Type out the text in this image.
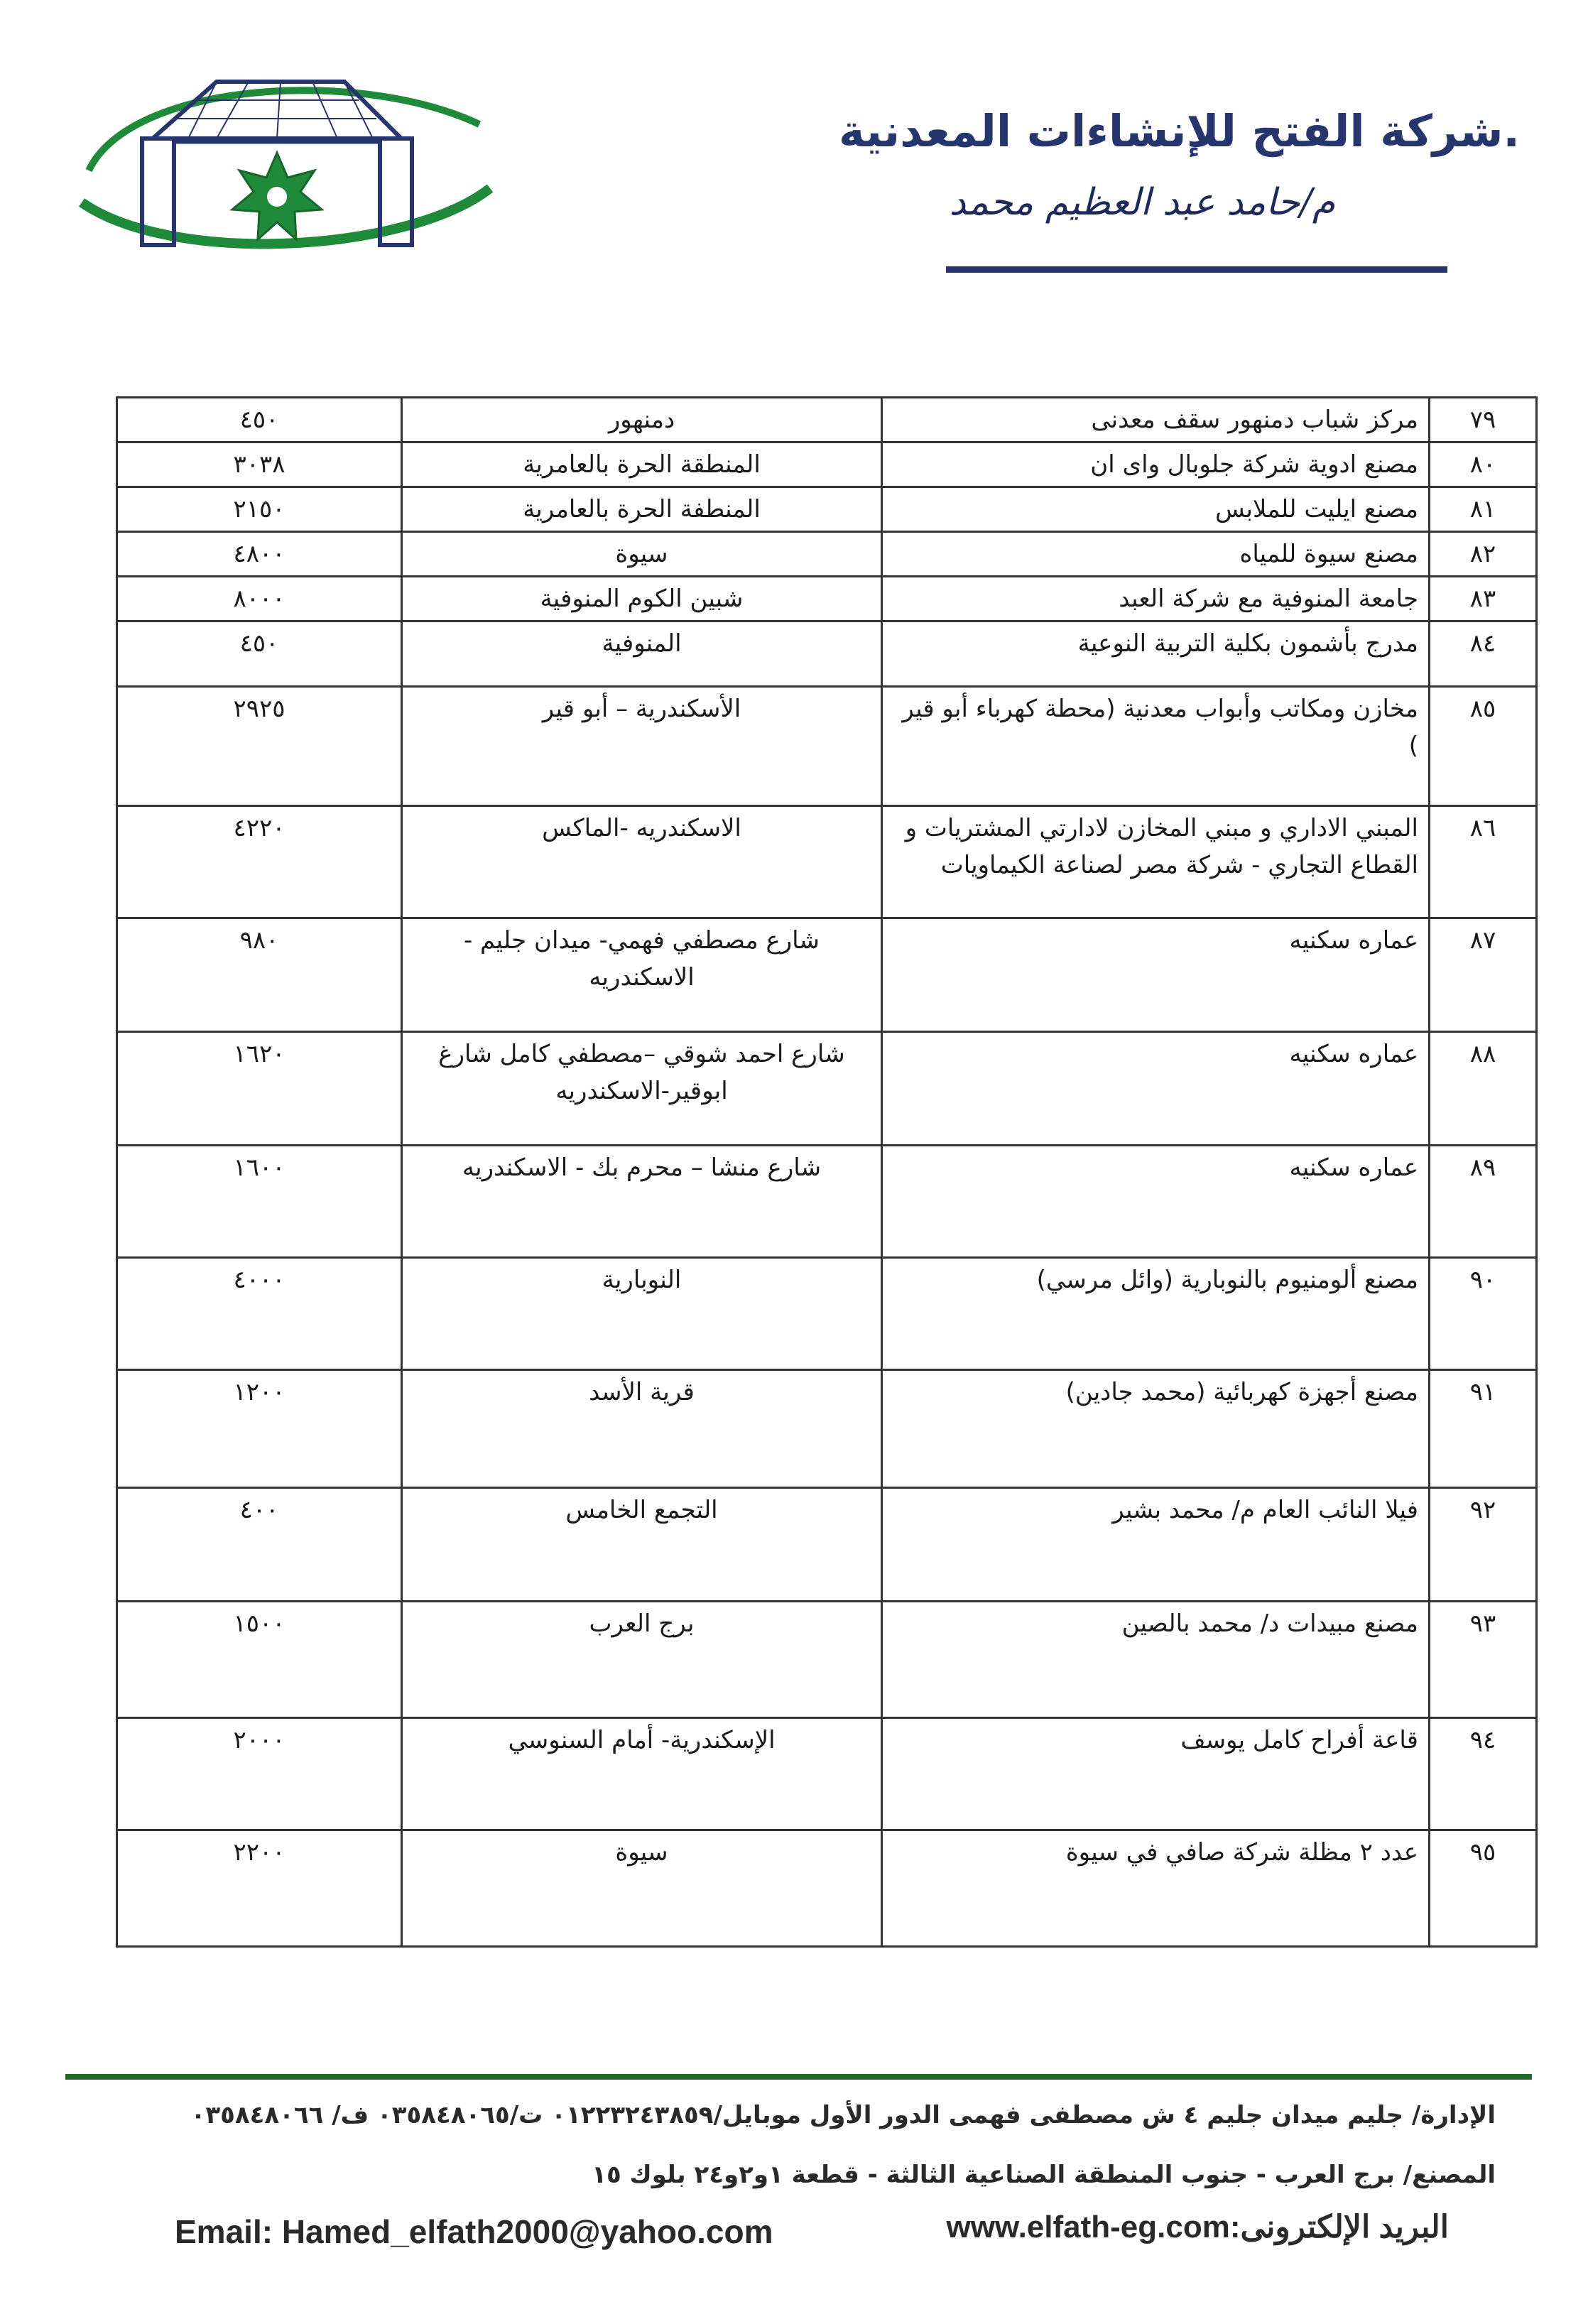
.شركة الفتح للإنشاءات المعدنية
م/حامد عبد العظيم محمد
٧٩	مركز شباب دمنهور سقف معدنى	دمنهور	٤٥٠
٨٠	مصنع ادوية شركة جلوبال واى ان	المنطقة الحرة بالعامرية	٣٠٣٨
٨١	مصنع ايليت للملابس	المنطفة الحرة بالعامرية	٢١٥٠
٨٢	مصنع سيوة للمياه	سيوة	٤٨٠٠
٨٣	جامعة المنوفية مع شركة العبد	شبين الكوم المنوفية	٨٠٠٠
٨٤	مدرج بأشمون بكلية التربية النوعية	المنوفية	٤٥٠
٨٥	مخازن ومكاتب وأبواب معدنية (محطة كهرباء أبو قير )	الأسكندرية – أبو قير	٢٩٢٥
٨٦	المبني الاداري و مبني المخازن لادارتي المشتريات و القطاع التجاري - شركة مصر لصناعة الكيماويات	الاسكندريه -الماكس	٤٢٢٠
٨٧	عماره سكنيه	شارع مصطفي فهمي- ميدان جليم - الاسكندريه	٩٨٠
٨٨	عماره سكنيه	شارع احمد شوقي –مصطفي كامل شارغ ابوقير-الاسكندريه	١٦٢٠
٨٩	عماره سكنيه	شارع منشا – محرم بك - الاسكندريه	١٦٠٠
٩٠	مصنع ألومنيوم بالنوبارية (وائل مرسي)	النوبارية	٤٠٠٠
٩١	مصنع أجهزة كهربائية (محمد جادين)	قرية الأسد	١٢٠٠
٩٢	فيلا النائب العام م/ محمد بشير	التجمع الخامس	٤٠٠
٩٣	مصنع مبيدات د/ محمد بالصين	برج العرب	١٥٠٠
٩٤	قاعة أفراح كامل يوسف	الإسكندرية- أمام السنوسي	٢٠٠٠
٩٥	عدد ٢ مظلة شركة صافي في سيوة	سيوة	٢٢٠٠
الإدارة/ جليم ميدان جليم ٤ ش مصطفى فهمى الدور الأول موبايل/٠١٢٢٣٢٤٣٨٥٩ ت/٠٣٥٨٤٨٠٦٥ ف/ ٠٣٥٨٤٨٠٦٦
المصنع/ برج العرب - جنوب المنطقة الصناعية الثالثة - قطعة ١و٢و٢٤ بلوك ١٥
البريد الإلكترونى:www.elfath-eg.com
Email: Hamed_elfath2000@yahoo.com
